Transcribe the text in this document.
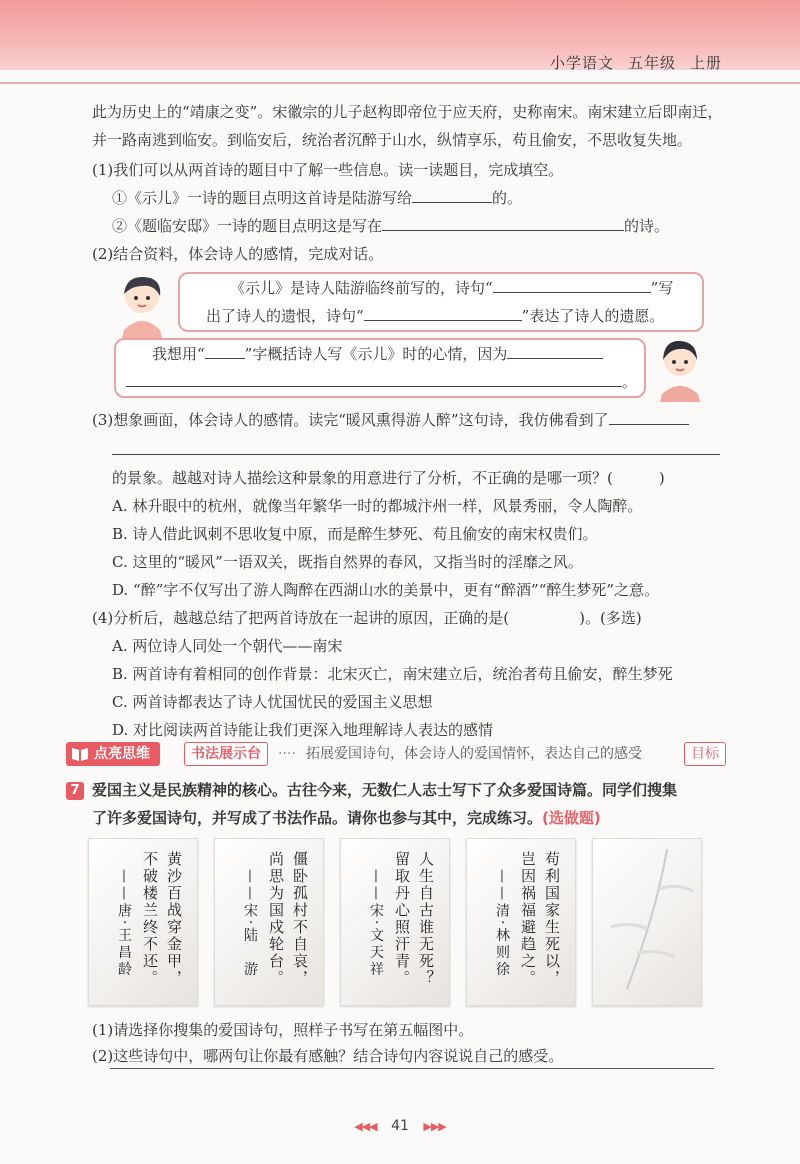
小学语文 五年级 上册
此为历史上的“靖康之变”。宋徽宗的儿子赵构即帝位于应天府，史称南宋。南宋建立后即南迁，
并一路南逃到临安。到临安后，统治者沉醉于山水，纵情享乐，苟且偷安，不思收复失地。
(1)我们可以从两首诗的题目中了解一些信息。读一读题目，完成填空。
①《示儿》一诗的题目点明这首诗是陆游写给	的。
②《题临安邸》一诗的题目点明这是写在	的诗。
(2)结合资料，体会诗人的感情，完成对话。
《示儿》是诗人陆游临终前写的，诗句“	”写
出了诗人的遗恨，诗句“	”表达了诗人的遗愿。
我想用“	”字概括诗人写《示儿》时的心情，因为
。
(3)想象画面，体会诗人的感情。读完“暖风熏得游人醉”这句诗，我仿佛看到了
的景象。越越对诗人描绘这种景象的用意进行了分析，不正确的是哪一项？(	)
A. 林升眼中的杭州，就像当年繁华一时的都城汴州一样，风景秀丽，令人陶醉。
B. 诗人借此讽刺不思收复中原，而是醉生梦死、苟且偷安的南宋权贵们。
C. 这里的“暖风”一语双关，既指自然界的春风，又指当时的淫靡之风。
D. “醉”字不仅写出了游人陶醉在西湖山水的美景中，更有“醉酒”“醉生梦死”之意。
(4)分析后，越越总结了把两首诗放在一起讲的原因，正确的是(	)。(多选)
A. 两位诗人同处一个朝代——南宋
B. 两首诗有着相同的创作背景：北宋灭亡，南宋建立后，统治者苟且偷安，醉生梦死
C. 两首诗都表达了诗人忧国忧民的爱国主义思想
D. 对比阅读两首诗能让我们更深入地理解诗人表达的感情
点亮思维	书法展示台	···· 拓展爱国诗句，体会诗人的爱国情怀，表达自己的感受	目标
7 爱国主义是民族精神的核心。古往今来，无数仁人志士写下了众多爱国诗篇。同学们搜集
了许多爱国诗句，并写成了书法作品。请你也参与其中，完成练习。(选做题)
黄沙百战穿金甲，
不破楼兰终不还。
——唐·王昌龄	僵卧孤村不自哀，
尚思为国戍轮台。
——宋·陆　游	人生自古谁无死？
留取丹心照汗青。
——宋·文天祥	苟利国家生死以，
岂因祸福避趋之。
——清·林则徐
(1)请选择你搜集的爱国诗句，照样子书写在第五幅图中。
(2)这些诗句中，哪两句让你最有感触？结合诗句内容说说自己的感受。
◀◀◀ 41 ▶▶▶
